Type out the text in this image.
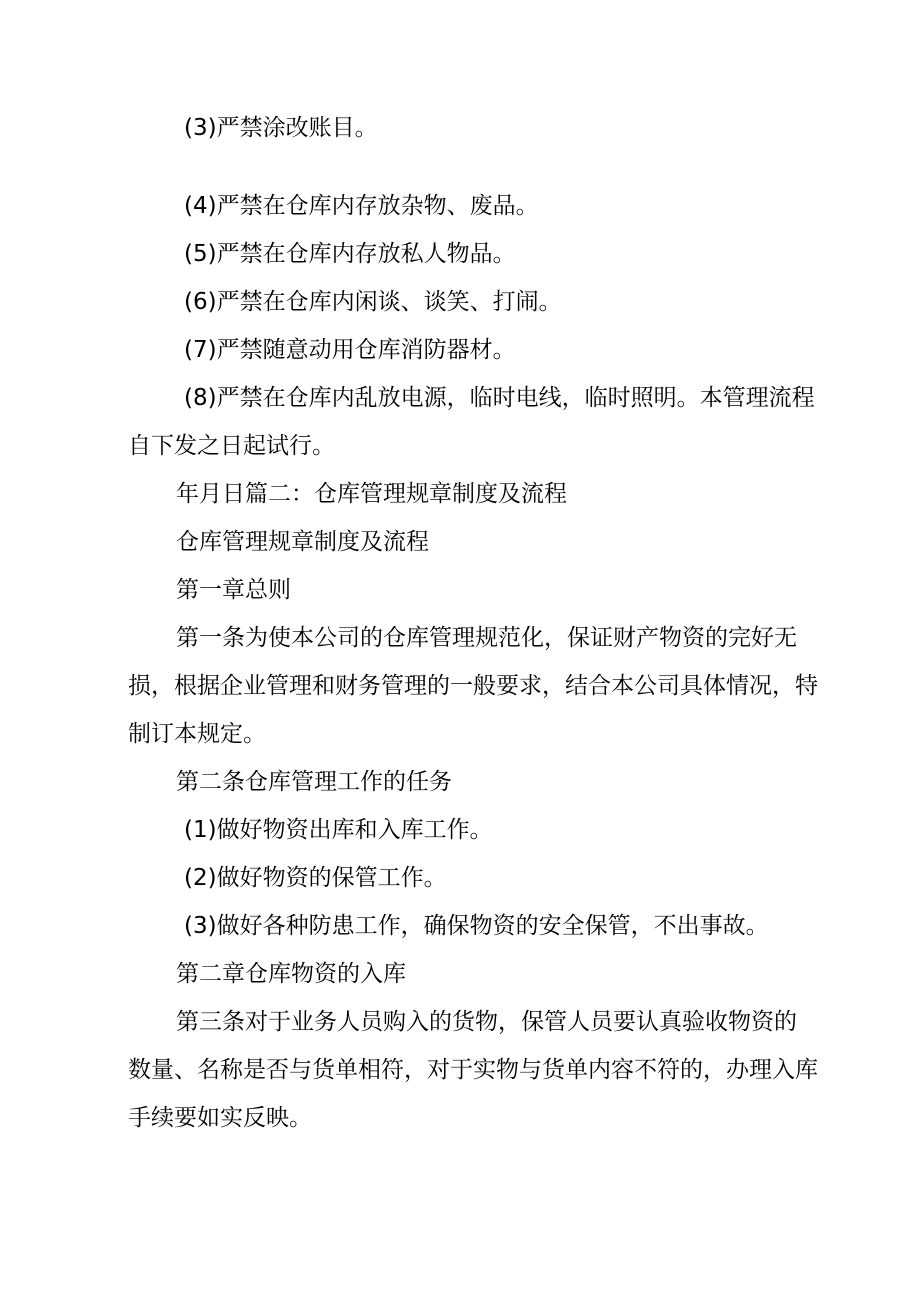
(3)严禁涂改账目。

(4)严禁在仓库内存放杂物、废品。

(5)严禁在仓库内存放私人物品。

(6)严禁在仓库内闲谈、谈笑、打闹。

(7)严禁随意动用仓库消防器材。

(8)严禁在仓库内乱放电源，临时电线，临时照明。本管理流程自下发之日起试行。

年月日篇二：仓库管理规章制度及流程

仓库管理规章制度及流程

第一章总则

第一条为使本公司的仓库管理规范化，保证财产物资的完好无损，根据企业管理和财务管理的一般要求，结合本公司具体情况，特制订本规定。

第二条仓库管理工作的任务

(1)做好物资出库和入库工作。

(2)做好物资的保管工作。

(3)做好各种防患工作，确保物资的安全保管，不出事故。

第二章仓库物资的入库

第三条对于业务人员购入的货物，保管人员要认真验收物资的数量、名称是否与货单相符，对于实物与货单内容不符的，办理入库手续要如实反映。
